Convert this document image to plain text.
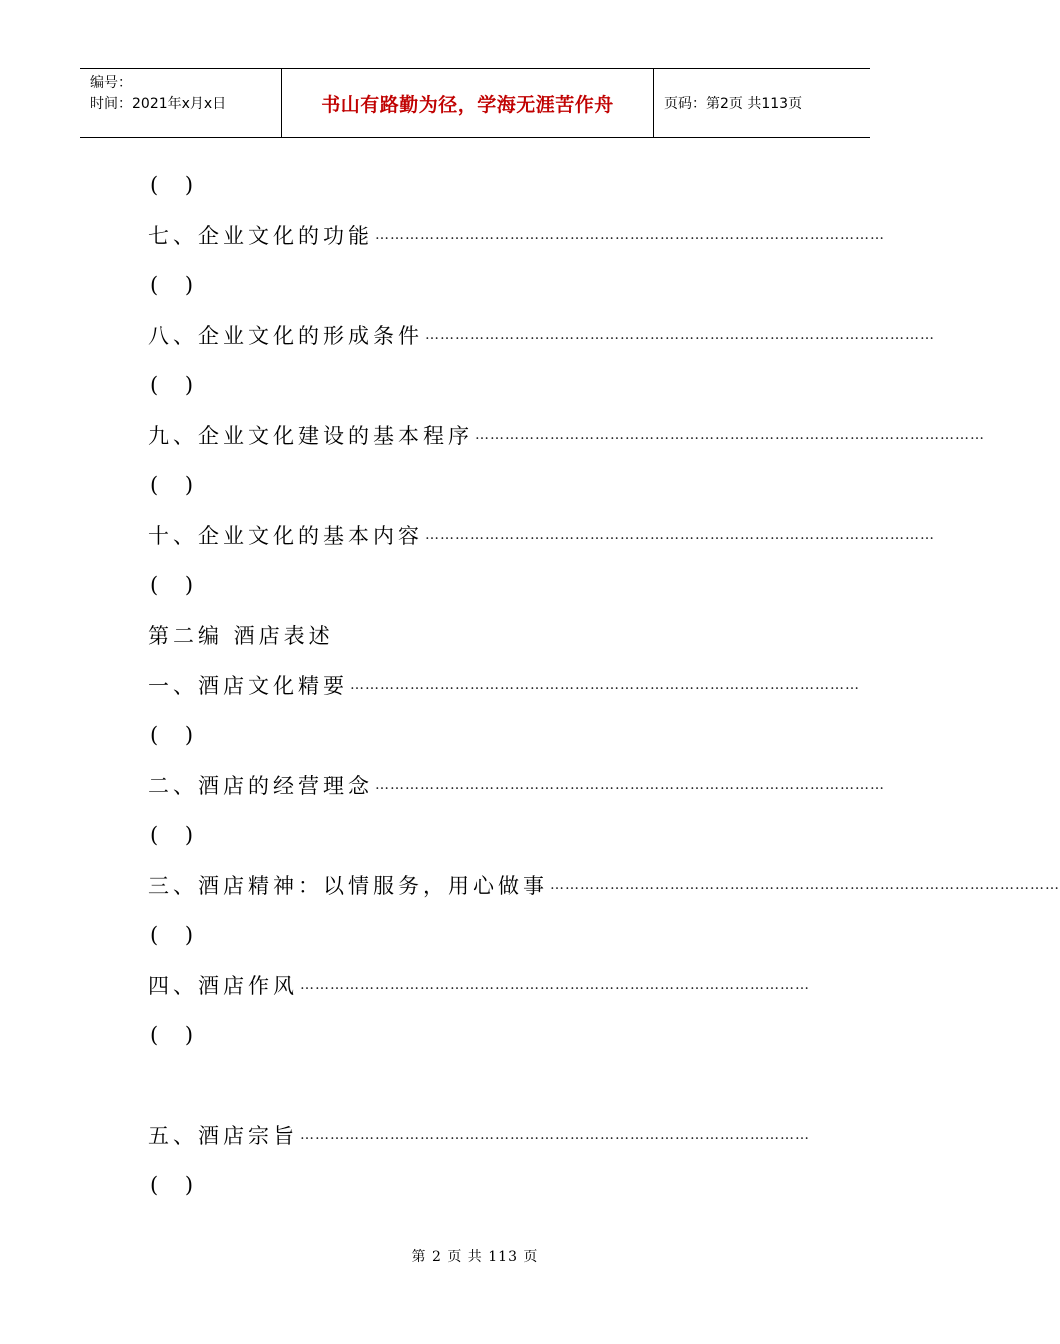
编号：
时间：2021年x月x日	书山有路勤为径，学海无涯苦作舟	页码：第2页 共113页
( )
七、企业文化的功能 …………………………………………………………………………………………
( )
八、企业文化的形成条件 …………………………………………………………………………………………
( )
九、企业文化建设的基本程序 …………………………………………………………………………………………
( )
十、企业文化的基本内容 …………………………………………………………………………………………
( )
第二编 酒店表述
一、酒店文化精要 …………………………………………………………………………………………
( )
二、酒店的经营理念 …………………………………………………………………………………………
( )
三、酒店精神：以情服务，用心做事 …………………………………………………………………………………………
( )
四、酒店作风 …………………………………………………………………………………………
( )
五、酒店宗旨 …………………………………………………………………………………………
( )
第 2 页 共 113 页
